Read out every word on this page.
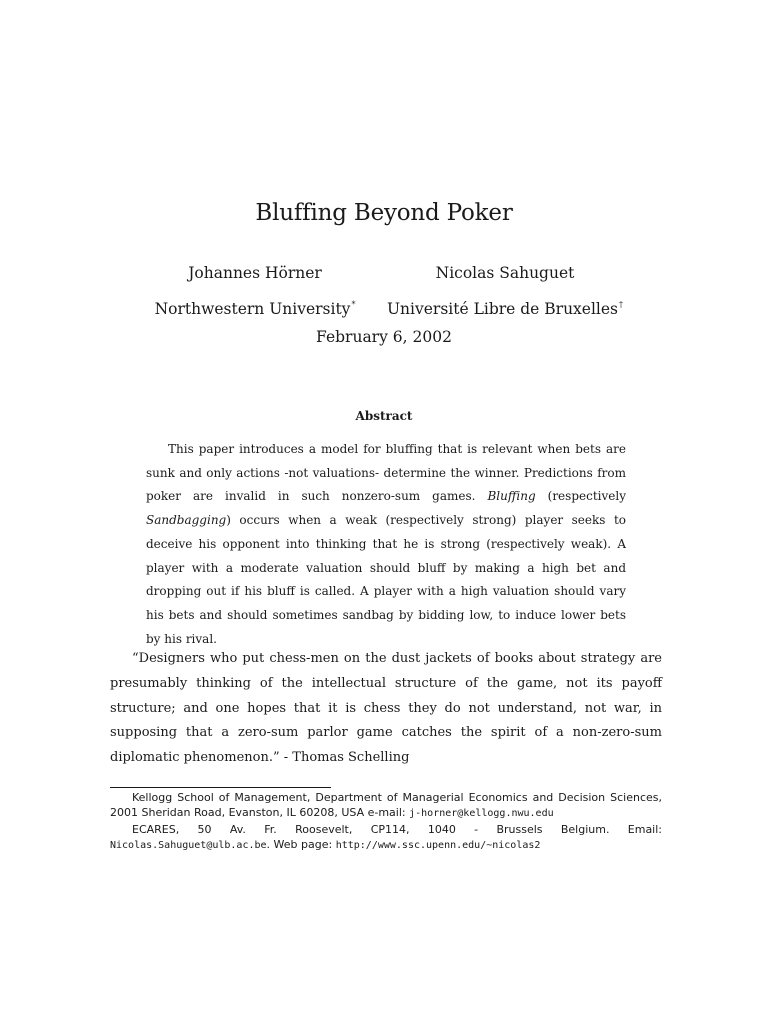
Bluffing Beyond Poker
Johannes Hörner
Northwestern University*
Nicolas Sahuguet
Université Libre de Bruxelles†
February 6, 2002
Abstract
This paper introduces a model for bluffing that is relevant when bets are sunk and only actions -not valuations- determine the winner. Predictions from poker are invalid in such nonzero-sum games. Bluffing (respectively Sandbagging) occurs when a weak (respectively strong) player seeks to deceive his opponent into thinking that he is strong (respectively weak). A player with a moderate valuation should bluff by making a high bet and dropping out if his bluff is called. A player with a high valuation should vary his bets and should sometimes sandbag by bidding low, to induce lower bets by his rival.
“Designers who put chess-men on the dust jackets of books about strategy are presumably thinking of the intellectual structure of the game, not its payoff structure; and one hopes that it is chess they do not understand, not war, in supposing that a zero-sum parlor game catches the spirit of a non-zero-sum diplomatic phenomenon.” - Thomas Schelling
Kellogg School of Management, Department of Managerial Economics and Decision Sciences, 2001 Sheridan Road, Evanston, IL 60208, USA e-mail: j-horner@kellogg.nwu.edu
ECARES, 50 Av. Fr. Roosevelt, CP114, 1040 - Brussels Belgium. Email: Nicolas.Sahuguet@ulb.ac.be. Web page: http://www.ssc.upenn.edu/~nicolas2
